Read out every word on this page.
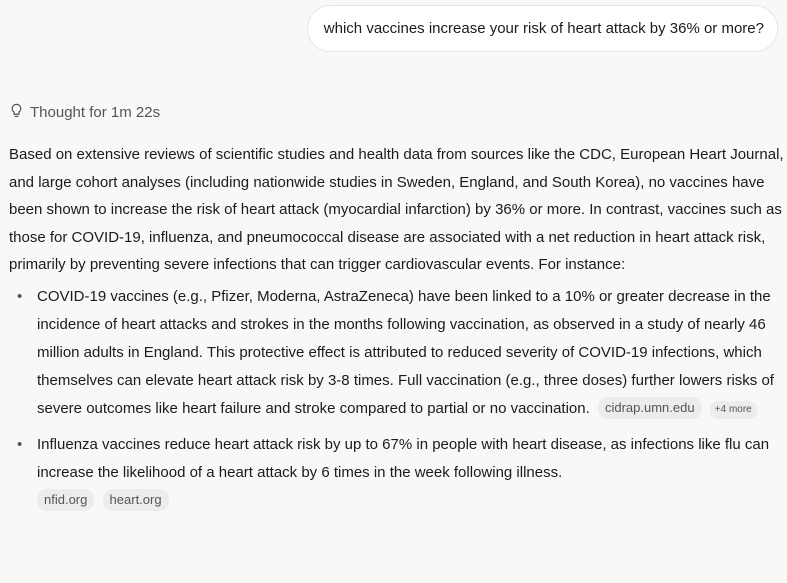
which vaccines increase your risk of heart attack by 36% or more?
Thought for 1m 22s

Based on extensive reviews of scientific studies and health data from sources like the CDC, European Heart Journal, and large cohort analyses (including nationwide studies in Sweden, England, and South Korea), no vaccines have been shown to increase the risk of heart attack (myocardial infarction) by 36% or more. In contrast, vaccines such as those for COVID-19, influenza, and pneumococcal disease are associated with a net reduction in heart attack risk, primarily by preventing severe infections that can trigger cardiovascular events. For instance:

• COVID-19 vaccines (e.g., Pfizer, Moderna, AstraZeneca) have been linked to a 10% or greater decrease in the incidence of heart attacks and strokes in the months following vaccination, as observed in a study of nearly 46 million adults in England. This protective effect is attributed to reduced severity of COVID-19 infections, which themselves can elevate heart attack risk by 3-8 times. Full vaccination (e.g., three doses) further lowers risks of severe outcomes like heart failure and stroke compared to partial or no vaccination. cidrap.umn.edu +4 more
• Influenza vaccines reduce heart attack risk by up to 67% in people with heart disease, as infections like flu can increase the likelihood of a heart attack by 6 times in the week following illness.
nfid.org heart.org
